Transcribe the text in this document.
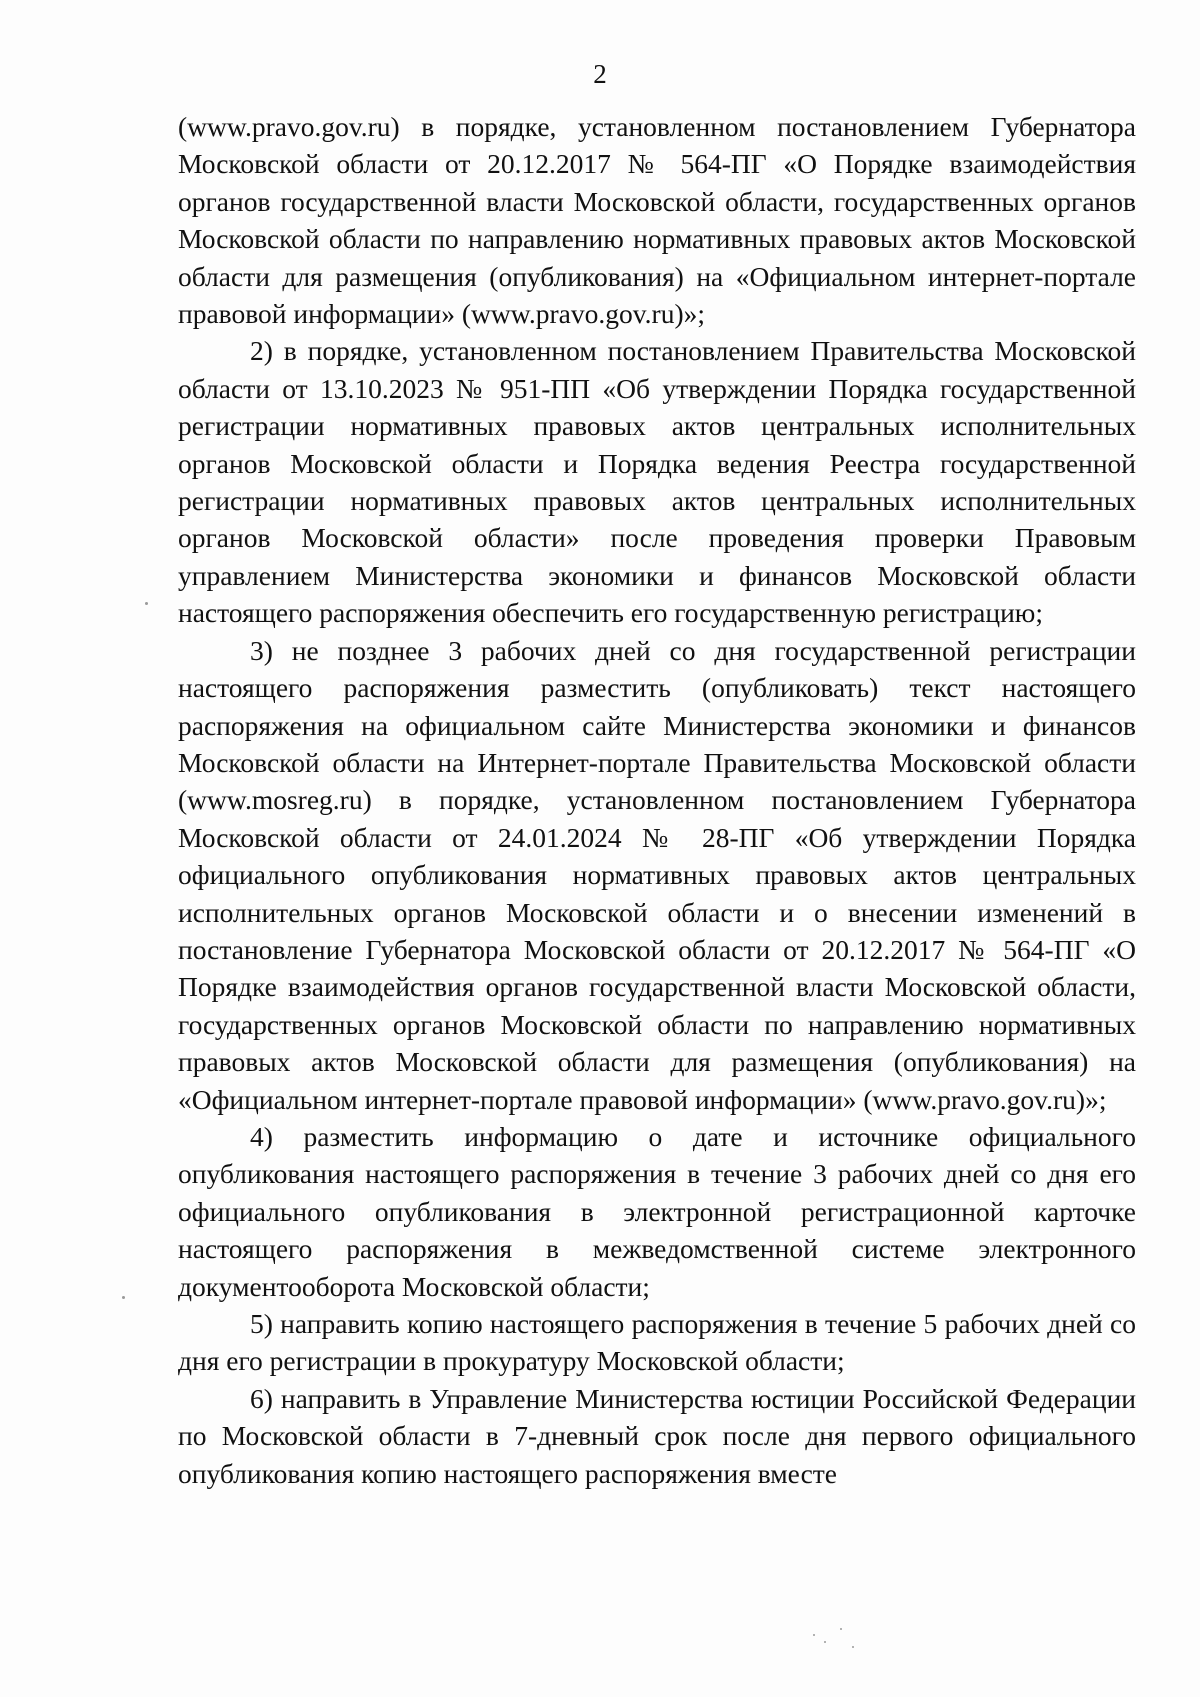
2

(www.pravo.gov.ru) в порядке, установленном постановлением Губернатора Московской области от 20.12.2017 № 564-ПГ «О Порядке взаимодействия органов государственной власти Московской области, государственных органов Московской области по направлению нормативных правовых актов Московской области для размещения (опубликования) на «Официальном интернет-портале правовой информации» (www.pravo.gov.ru)»;

2) в порядке, установленном постановлением Правительства Московской области от 13.10.2023 № 951-ПП «Об утверждении Порядка государственной регистрации нормативных правовых актов центральных исполнительных органов Московской области и Порядка ведения Реестра государственной регистрации нормативных правовых актов центральных исполнительных органов Московской области» после проведения проверки Правовым управлением Министерства экономики и финансов Московской области настоящего распоряжения обеспечить его государственную регистрацию;

3) не позднее 3 рабочих дней со дня государственной регистрации настоящего распоряжения разместить (опубликовать) текст настоящего распоряжения на официальном сайте Министерства экономики и финансов Московской области на Интернет-портале Правительства Московской области (www.mosreg.ru) в порядке, установленном постановлением Губернатора Московской области от 24.01.2024 № 28-ПГ «Об утверждении Порядка официального опубликования нормативных правовых актов центральных исполнительных органов Московской области и о внесении изменений в постановление Губернатора Московской области от 20.12.2017 № 564-ПГ «О Порядке взаимодействия органов государственной власти Московской области, государственных органов Московской области по направлению нормативных правовых актов Московской области для размещения (опубликования) на «Официальном интернет-портале правовой информации» (www.pravo.gov.ru)»;

4) разместить информацию о дате и источнике официального опубликования настоящего распоряжения в течение 3 рабочих дней со дня его официального опубликования в электронной регистрационной карточке настоящего распоряжения в межведомственной системе электронного документооборота Московской области;

5) направить копию настоящего распоряжения в течение 5 рабочих дней со дня его регистрации в прокуратуру Московской области;

6) направить в Управление Министерства юстиции Российской Федерации по Московской области в 7-дневный срок после дня первого официального опубликования копию настоящего распоряжения вместе
